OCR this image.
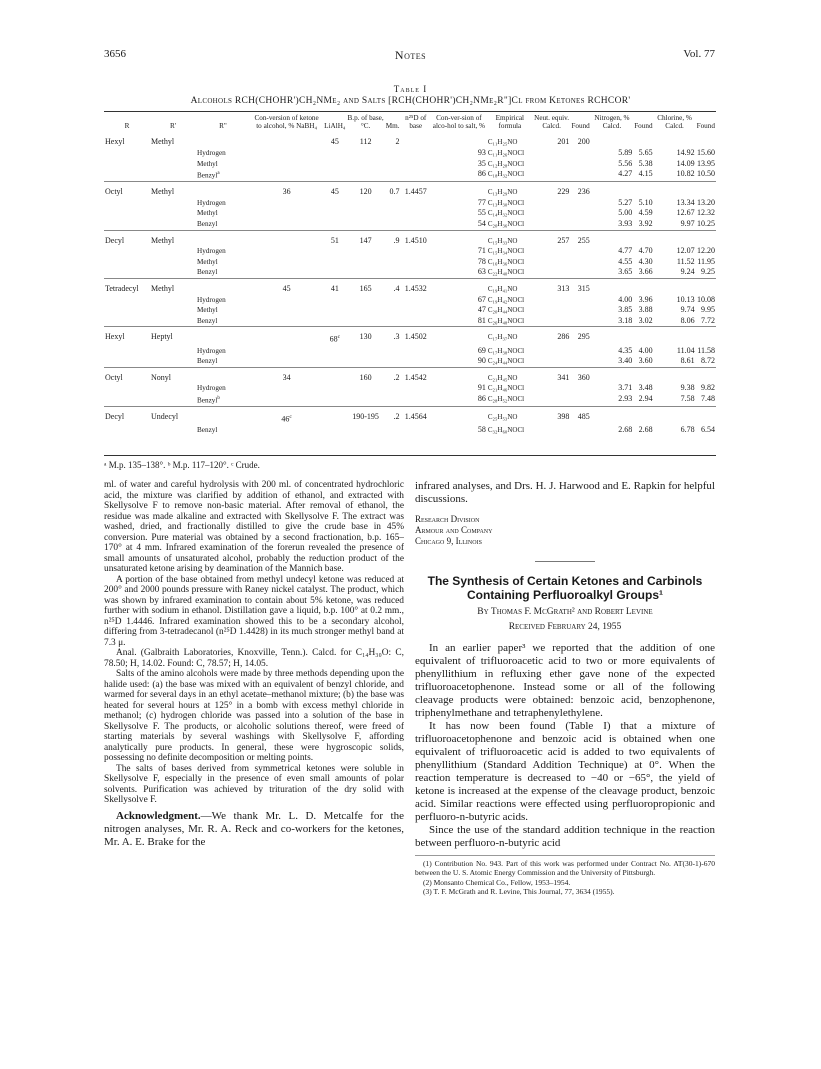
3656	Notes	Vol. 77
Table I
Alcohols RCH(CHOHR')CH₂NMe₂ and Salts [RCH(CHOHR')CH₂NMe₂R"]Cl from Ketones RCHCOR'
R	R'	R"	Con-version of ketone to alcohol, % NaBH₄	LiAlH₄	B.p. of base, °C.	Mm.	n²⁵D of base	Con-ver-sion of alco-hol to salt, %	Empirical formula	Neut. equiv. Calcd.	Found	Nitrogen, % Calcd.	Found	Chlorine, % Calcd.	Found
Hexyl	Methyl			45	112	2			C₁₁H₂₅NO	201	200				
		Hydrogen						93	C₁₁H₂₆NOCl			5.89	5.65	14.92	15.60
		Methyl						35	C₁₂H₂₈NOCl			5.56	5.38	14.09	13.95
		Benzyl$^a$						86	C₁₈H₃₂NOCl			4.27	4.15	10.82	10.50
Octyl	Methyl		36	45	120	0.7	1.4457		C₁₃H₂₉NO	229	236				
		Hydrogen						77	C₁₃H₃₀NOCl			5.27	5.10	13.34	13.20
		Methyl						55	C₁₄H₃₂NOCl			5.00	4.59	12.67	12.32
		Benzyl						54	C₂₀H₃₆NOCl			3.93	3.92	9.97	10.25
Decyl	Methyl			51	147	.9	1.4510		C₁₅H₃₃NO	257	255				
		Hydrogen						71	C₁₅H₃₄NOCl			4.77	4.70	12.07	12.20
		Methyl						78	C₁₆H₃₆NOCl			4.55	4.30	11.52	11.95
		Benzyl						63	C₂₂H₄₀NOCl			3.65	3.66	9.24	9.25
Tetradecyl	Methyl		45	41	165	.4	1.4532		C₁₉H₄₁NO	313	315				
		Hydrogen						67	C₁₉H₄₂NOCl			4.00	3.96	10.13	10.08
		Methyl						47	C₂₀H₄₄NOCl			3.85	3.88	9.74	9.95
		Benzyl						81	C₂₆H₄₈NOCl			3.18	3.02	8.06	7.72
Hexyl	Heptyl			68$^c$	130	.3	1.4502		C₁₇H₃₇NO	286	295				
		Hydrogen						69	C₁₇H₃₈NOCl			4.35	4.00	11.04	11.58
		Benzyl						90	C₂₄H₄₄NOCl			3.40	3.60	8.61	8.72
Octyl	Nonyl		34		160	.2	1.4542		C₂₁H₄₅NO	341	360				
		Hydrogen						91	C₂₁H₄₆NOCl			3.71	3.48	9.38	9.82
		Benzyl$^b$						86	C₂₈H₅₂NOCl			2.93	2.94	7.58	7.48
Decyl	Undecyl		46$^c$		190-195	.2	1.4564		C₂₅H₅₃NO	398	485				
		Benzyl						58	C₃₂H₆₀NOCl			2.68	2.68	6.78	6.54
ᵃ M.p. 135–138°. ᵇ M.p. 117–120°. ᶜ Crude.

ml. of water and careful hydrolysis with 200 ml. of concentrated hydrochloric acid, the mixture was clarified by addition of ethanol, and extracted with Skellysolve F to remove non-basic material. After removal of ethanol, the residue was made alkaline and extracted with Skellysolve F. The extract was washed, dried, and fractionally distilled to give the crude base in 45% conversion. Pure material was obtained by a second fractionation, b.p. 165–170° at 4 mm. Infrared examination of the forerun revealed the presence of small amounts of unsaturated alcohol, probably the reduction product of the unsaturated ketone arising by deamination of the Mannich base.

A portion of the base obtained from methyl undecyl ketone was reduced at 200° and 2000 pounds pressure with Raney nickel catalyst. The product, which was shown by infrared examination to contain about 5% ketone, was reduced further with sodium in ethanol. Distillation gave a liquid, b.p. 100° at 0.2 mm., n²⁵D 1.4446. Infrared examination showed this to be a secondary alcohol, differing from 3-tetradecanol (n²⁵D 1.4428) in its much stronger methyl band at 7.3 μ.

Anal. (Galbraith Laboratories, Knoxville, Tenn.). Calcd. for C₁₄H₃₀O: C, 78.50; H, 14.02. Found: C, 78.57; H, 14.05.

Salts of the amino alcohols were made by three methods depending upon the halide used: (a) the base was mixed with an equivalent of benzyl chloride, and warmed for several days in an ethyl acetate–methanol mixture; (b) the base was heated for several hours at 125° in a bomb with excess methyl chloride in methanol; (c) hydrogen chloride was passed into a solution of the base in Skellysolve F. The products, or alcoholic solutions thereof, were freed of starting materials by several washings with Skellysolve F, affording analytically pure products. In general, these were hygroscopic solids, possessing no definite decomposition or melting points.

The salts of bases derived from symmetrical ketones were soluble in Skellysolve F, especially in the presence of even small amounts of polar solvents. Purification was achieved by trituration of the dry solid with Skellysolve F.

Acknowledgment.—We thank Mr. L. D. Metcalfe for the nitrogen analyses, Mr. R. A. Reck and co-workers for the ketones, Mr. A. E. Brake for the

infrared analyses, and Drs. H. J. Harwood and E. Rapkin for helpful discussions.

Research Division
Armour and Company
Chicago 9, Illinois
The Synthesis of Certain Ketones and Carbinols Containing Perfluoroalkyl Groups¹
By Thomas F. McGrath² and Robert Levine
Received February 24, 1955

In an earlier paper³ we reported that the addition of one equivalent of trifluoroacetic acid to two or more equivalents of phenyllithium in refluxing ether gave none of the expected trifluoroacetophenone. Instead some or all of the following cleavage products were obtained: benzoic acid, benzophenone, triphenylmethane and tetraphenylethylene.

It has now been found (Table I) that a mixture of trifluoroacetophenone and benzoic acid is obtained when one equivalent of trifluoroacetic acid is added to two equivalents of phenyllithium (Standard Addition Technique) at 0°. When the reaction temperature is decreased to −40 or −65°, the yield of ketone is increased at the expense of the cleavage product, benzoic acid. Similar reactions were effected using perfluoropropionic and perfluoro-n-butyric acids.

Since the use of the standard addition technique in the reaction between perfluoro-n-butyric acid

(1) Contribution No. 943. Part of this work was performed under Contract No. AT(30-1)-670 between the U. S. Atomic Energy Commission and the University of Pittsburgh.
(2) Monsanto Chemical Co., Fellow, 1953–1954.
(3) T. F. McGrath and R. Levine, This Journal, 77, 3634 (1955).
